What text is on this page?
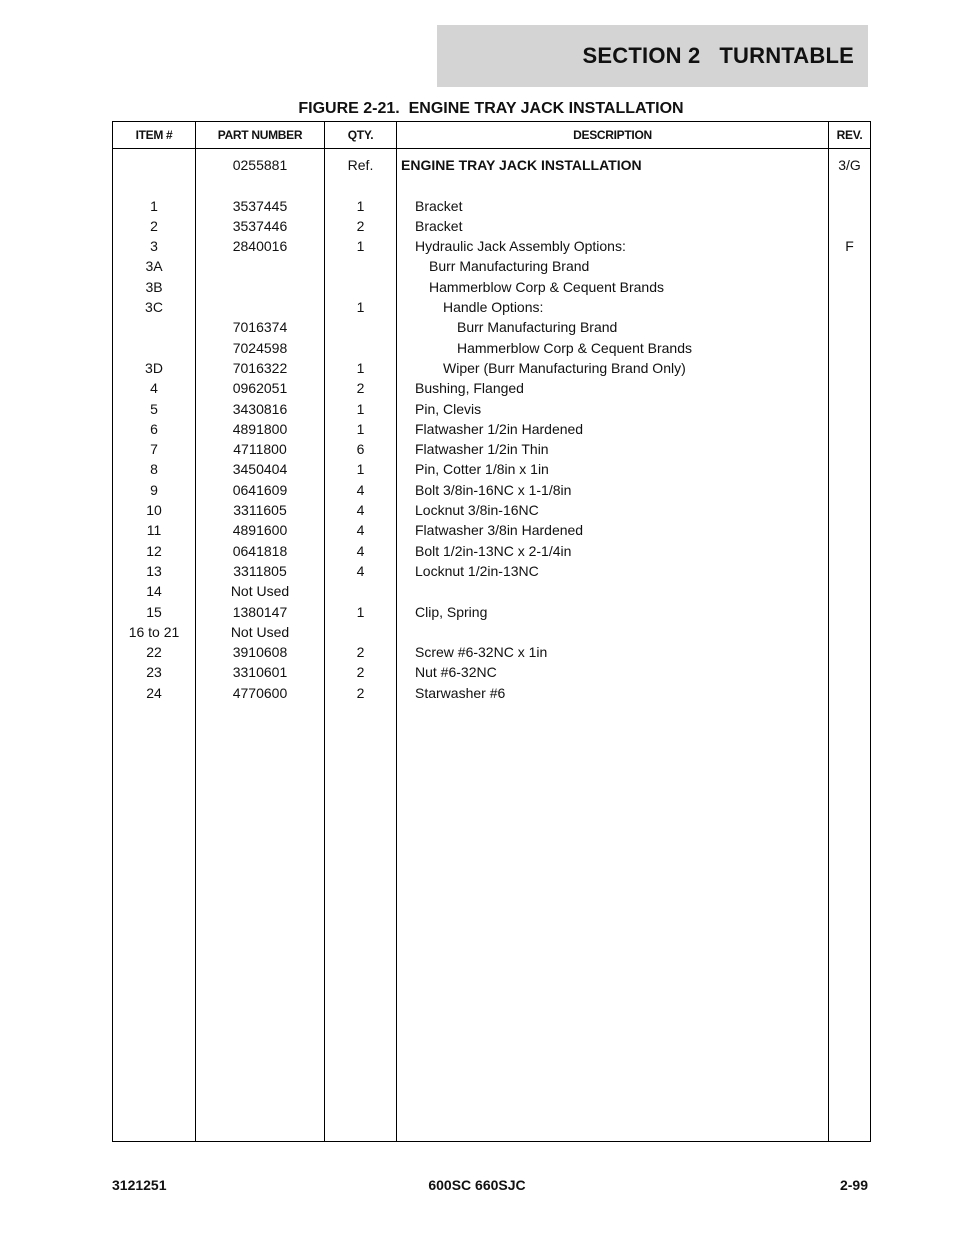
SECTION 2   TURNTABLE
FIGURE 2-21.  ENGINE TRAY JACK INSTALLATION
ITEM #	PART NUMBER	QTY.	DESCRIPTION	REV.
	0255881	Ref.	ENGINE TRAY JACK INSTALLATION	3/G

1	3537445	1	Bracket	
2	3537446	2	Bracket	
3	2840016	1	Hydraulic Jack Assembly Options:	F
3A			Burr Manufacturing Brand	
3B			Hammerblow Corp & Cequent Brands	
3C		1	Handle Options:	
	7016374		Burr Manufacturing Brand	
	7024598		Hammerblow Corp & Cequent Brands	
3D	7016322	1	Wiper (Burr Manufacturing Brand Only)	
4	0962051	2	Bushing, Flanged	
5	3430816	1	Pin, Clevis	
6	4891800	1	Flatwasher 1/2in Hardened	
7	4711800	6	Flatwasher 1/2in Thin	
8	3450404	1	Pin, Cotter 1/8in x 1in	
9	0641609	4	Bolt 3/8in-16NC x 1-1/8in	
10	3311605	4	Locknut 3/8in-16NC	
11	4891600	4	Flatwasher 3/8in Hardened	
12	0641818	4	Bolt 1/2in-13NC x 2-1/4in	
13	3311805	4	Locknut 1/2in-13NC	
14	Not Used			
15	1380147	1	Clip, Spring	
16 to 21	Not Used			
22	3910608	2	Screw #6-32NC x 1in	
23	3310601	2	Nut #6-32NC	
24	4770600	2	Starwasher #6	

3121251	600SC 660SJC	2-99
